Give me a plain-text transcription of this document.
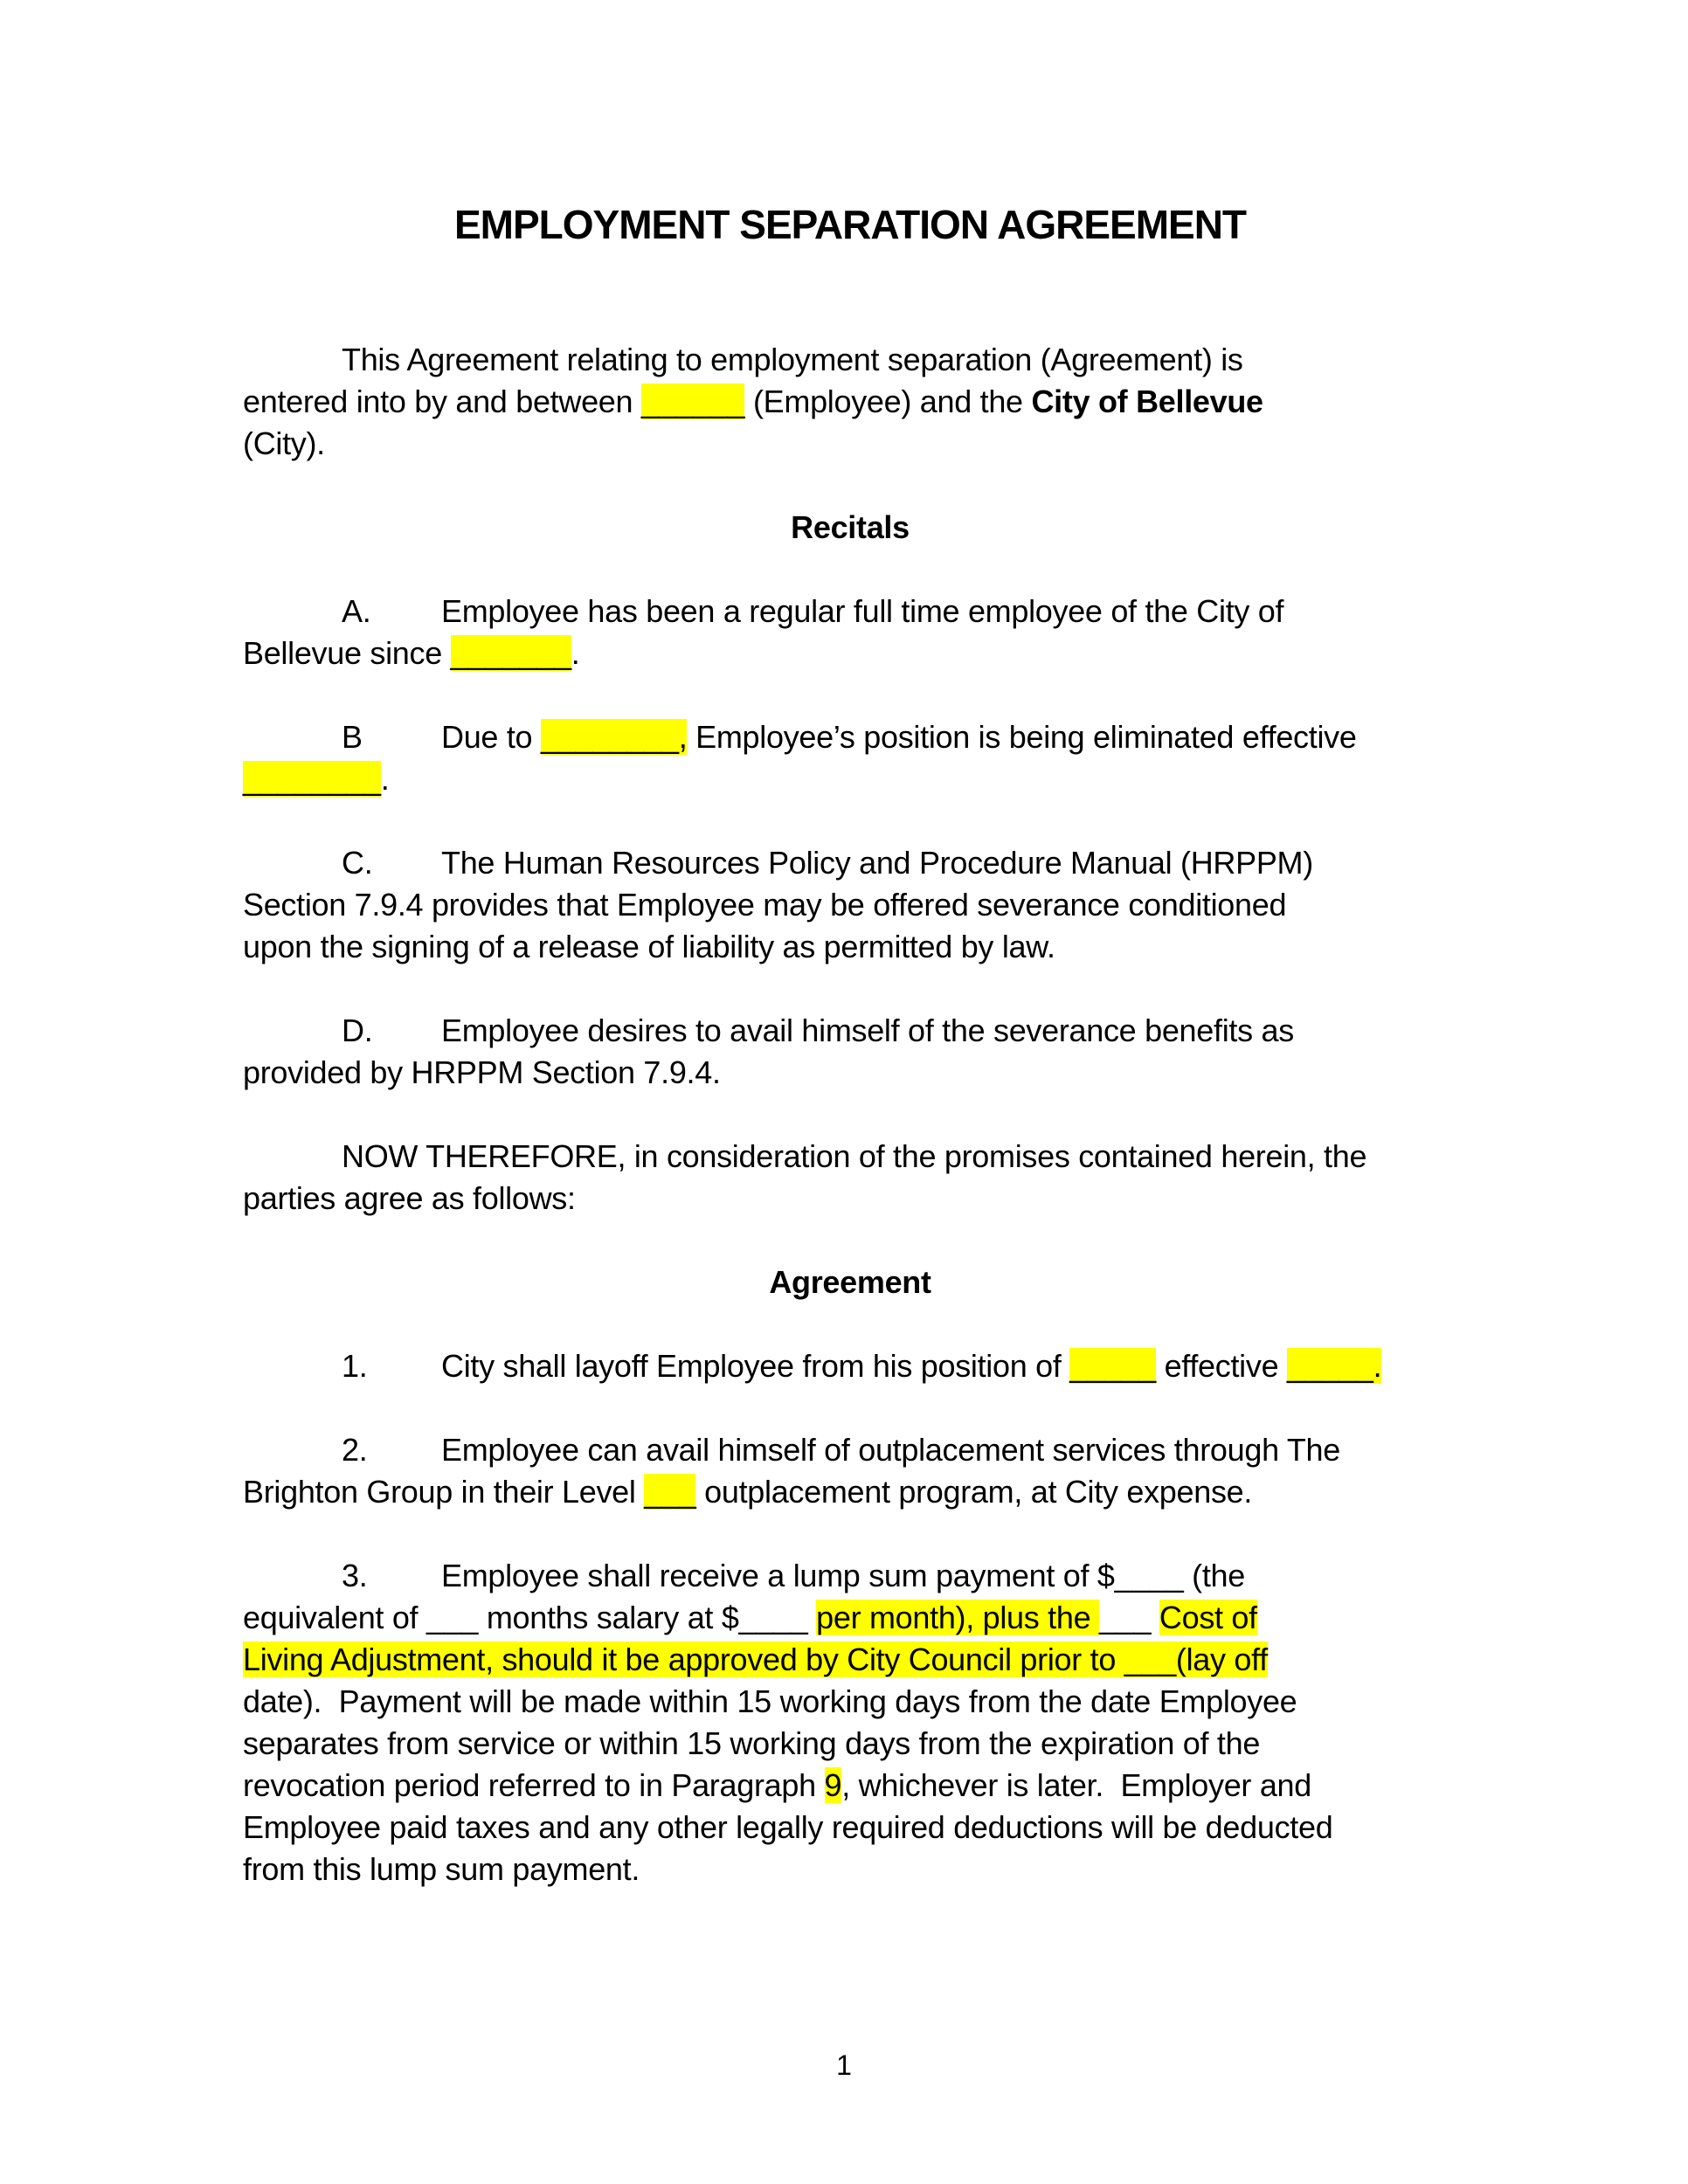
EMPLOYMENT SEPARATION AGREEMENT
This Agreement relating to employment separation (Agreement) is
entered into by and between ______ (Employee) and the City of Bellevue
(City).
Recitals
A. Employee has been a regular full time employee of the City of
Bellevue since _______.
B	Due to ________, Employee’s position is being eliminated effective
________.
C. The Human Resources Policy and Procedure Manual (HRPPM)
Section 7.9.4 provides that Employee may be offered severance conditioned
upon the signing of a release of liability as permitted by law.
D. Employee desires to avail himself of the severance benefits as
provided by HRPPM Section 7.9.4.
NOW THEREFORE, in consideration of the promises contained herein, the
parties agree as follows:
Agreement
1. City shall layoff Employee from his position of _____ effective _____.
2. Employee can avail himself of outplacement services through The
Brighton Group in their Level ___ outplacement program, at City expense.
3. Employee shall receive a lump sum payment of $____ (the
equivalent of ___ months salary at $____ per month), plus the ___ Cost of
Living Adjustment, should it be approved by City Council prior to ___(lay off
date).  Payment will be made within 15 working days from the date Employee
separates from service or within 15 working days from the expiration of the
revocation period referred to in Paragraph 9, whichever is later.  Employer and
Employee paid taxes and any other legally required deductions will be deducted
from this lump sum payment.
1
